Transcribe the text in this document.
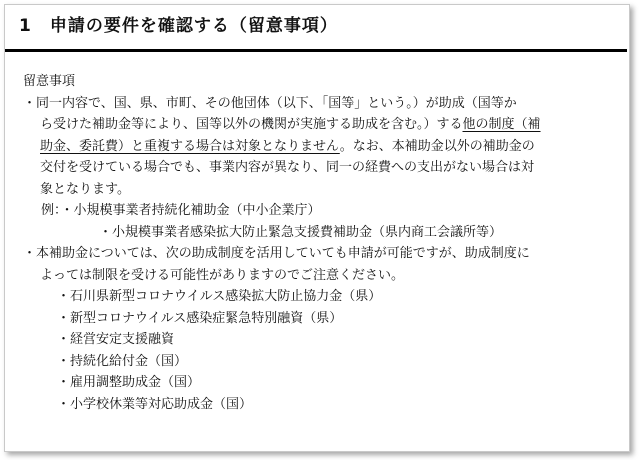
1 申請の要件を確認する（留意事項）
留意事項
・同一内容で、国、県、市町、その他団体（以下、「国等」という。）が助成（国等か
ら受けた補助金等により、国等以外の機関が実施する助成を含む。）する他の制度（補
助金、委託費）と重複する場合は対象となりません。なお、本補助金以外の補助金の
交付を受けている場合でも、事業内容が異なり、同一の経費への支出がない場合は対
象となります。
例：・小規模事業者持続化補助金（中小企業庁）
・小規模事業者感染拡大防止緊急支援費補助金（県内商工会議所等）
・本補助金については、次の助成制度を活用していても申請が可能ですが、助成制度に
よっては制限を受ける可能性がありますのでご注意ください。
・石川県新型コロナウイルス感染拡大防止協力金（県）
・新型コロナウイルス感染症緊急特別融資（県）
・経営安定支援融資
・持続化給付金（国）
・雇用調整助成金（国）
・小学校休業等対応助成金（国）
